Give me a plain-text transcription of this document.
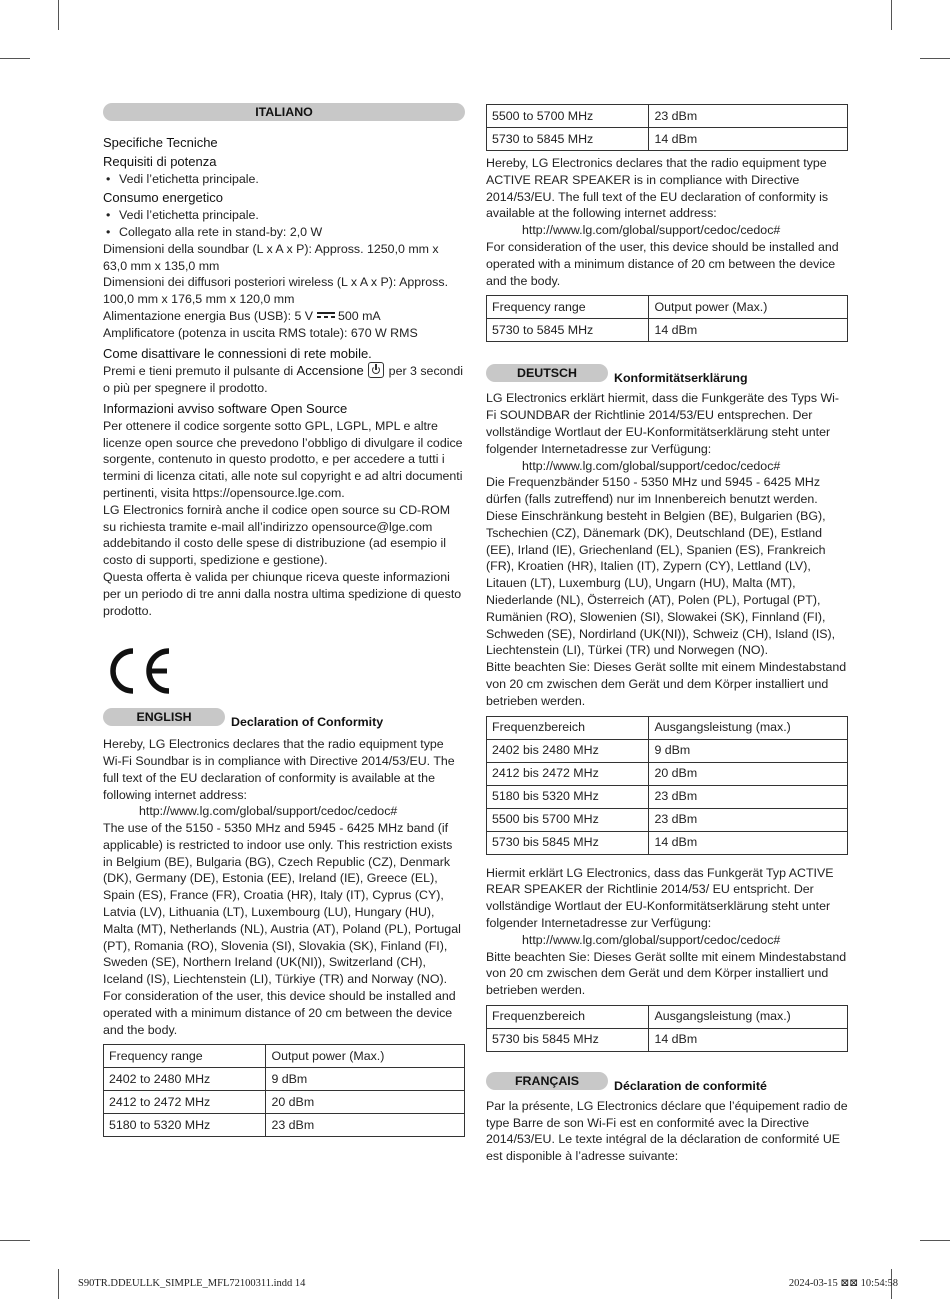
ITALIANO

Specifiche Tecniche

Requisiti di potenza

• Vedi l’etichetta principale.

Consumo energetico

• Vedi l’etichetta principale.

• Collegato alla rete in stand-by: 2,0 W

Dimensioni della soundbar (L x A x P): Appross. 1250,0 mm x 63,0 mm x 135,0 mm

Dimensioni dei diffusori posteriori wireless (L x A x P): Appross. 100,0 mm x 176,5 mm x 120,0 mm

Alimentazione energia Bus (USB): 5 V 500 mA

Amplificatore (potenza in uscita RMS totale): 670 W RMS

Come disattivare le connessioni di rete mobile.

Premi e tieni premuto il pulsante di Accensione per 3 secondi o più per spegnere il prodotto.

Informazioni avviso software Open Source

Per ottenere il codice sorgente sotto GPL, LGPL, MPL e altre licenze open source che prevedono l’obbligo di divulgare il codice sorgente, contenuto in questo prodotto, e per accedere a tutti i termini di licenza citati, alle note sul copyright e ad altri documenti pertinenti, visita https://opensource.lge.com.

LG Electronics fornirà anche il codice open source su CD-ROM su richiesta tramite e-mail all’indirizzo opensource@lge.com addebitando il costo delle spese di distribuzione (ad esempio il costo di supporti, spedizione e gestione).

Questa offerta è valida per chiunque riceva queste informazioni per un periodo di tre anni dalla nostra ultima spedizione di questo prodotto.

ENGLISH	Declaration of Conformity

Hereby, LG Electronics declares that the radio equipment type Wi-Fi Soundbar is in compliance with Directive 2014/53/EU. The full text of the EU declaration of conformity is available at the following internet address:

http://www.lg.com/global/support/cedoc/cedoc#

The use of the 5150 - 5350 MHz and 5945 - 6425 MHz band (if applicable) is restricted to indoor use only. This restriction exists in Belgium (BE), Bulgaria (BG), Czech Republic (CZ), Denmark (DK), Germany (DE), Estonia (EE), Ireland (IE), Greece (EL), Spain (ES), France (FR), Croatia (HR), Italy (IT), Cyprus (CY), Latvia (LV), Lithuania (LT), Luxembourg (LU), Hungary (HU), Malta (MT), Netherlands (NL), Austria (AT), Poland (PL), Portugal (PT), Romania (RO), Slovenia (SI), Slovakia (SK), Finland (FI), Sweden (SE), Northern Ireland (UK(NI)), Switzerland (CH), Iceland (IS), Liechtenstein (LI), Türkiye (TR) and Norway (NO).

For consideration of the user, this device should be installed and operated with a minimum distance of 20 cm between the device and the body.

Frequency range	Output power (Max.)
2402 to 2480 MHz	9 dBm
2412 to 2472 MHz	20 dBm
5180 to 5320 MHz	23 dBm
5500 to 5700 MHz	23 dBm
5730 to 5845 MHz	14 dBm

Hereby, LG Electronics declares that the radio equipment type ACTIVE REAR SPEAKER is in compliance with Directive 2014/53/EU. The full text of the EU declaration of conformity is available at the following internet address:

http://www.lg.com/global/support/cedoc/cedoc#

For consideration of the user, this device should be installed and operated with a minimum distance of 20 cm between the device and the body.

Frequency range	Output power (Max.)
5730 to 5845 MHz	14 dBm
DEUTSCH	Konformitätserklärung

LG Electronics erklärt hiermit, dass die Funkgeräte des Typs Wi-Fi SOUNDBAR der Richtlinie 2014/53/EU entsprechen. Der vollständige Wortlaut der EU-Konformitätserklärung steht unter folgender Internetadresse zur Verfügung:

http://www.lg.com/global/support/cedoc/cedoc#

Die Frequenzbänder 5150 - 5350 MHz und 5945 - 6425 MHz dürfen (falls zutreffend) nur im Innenbereich benutzt werden. Diese Einschränkung besteht in Belgien (BE), Bulgarien (BG), Tschechien (CZ), Dänemark (DK), Deutschland (DE), Estland (EE), Irland (IE), Griechenland (EL), Spanien (ES), Frankreich (FR), Kroatien (HR), Italien (IT), Zypern (CY), Lettland (LV), Litauen (LT), Luxemburg (LU), Ungarn (HU), Malta (MT), Niederlande (NL), Österreich (AT), Polen (PL), Portugal (PT), Rumänien (RO), Slowenien (SI), Slowakei (SK), Finnland (FI), Schweden (SE), Nordirland (UK(NI)), Schweiz (CH), Island (IS), Liechtenstein (LI), Türkei (TR) und Norwegen (NO).

Bitte beachten Sie: Dieses Gerät sollte mit einem Mindestabstand von 20 cm zwischen dem Gerät und dem Körper installiert und betrieben werden.

Frequenzbereich	Ausgangsleistung (max.)
2402 bis 2480 MHz	9 dBm
2412 bis 2472 MHz	20 dBm
5180 bis 5320 MHz	23 dBm
5500 bis 5700 MHz	23 dBm
5730 bis 5845 MHz	14 dBm

Hiermit erklärt LG Electronics, dass das Funkgerät Typ ACTIVE REAR SPEAKER der Richtlinie 2014/53/ EU entspricht. Der vollständige Wortlaut der EU-Konformitätserklärung steht unter folgender Internetadresse zur Verfügung:

http://www.lg.com/global/support/cedoc/cedoc#

Bitte beachten Sie: Dieses Gerät sollte mit einem Mindestabstand von 20 cm zwischen dem Gerät und dem Körper installiert und betrieben werden.

Frequenzbereich	Ausgangsleistung (max.)
5730 bis 5845 MHz	14 dBm
FRANÇAIS	Déclaration de conformité

Par la présente, LG Electronics déclare que l’équipement radio de type Barre de son Wi-Fi est en conformité avec la Directive 2014/53/EU. Le texte intégral de la déclaration de conformité UE est disponible à l’adresse suivante:

S90TR.DDEULLK_SIMPLE_MFL72100311.indd 14	2024-03-15 ⊠⊠ 10:54:58
